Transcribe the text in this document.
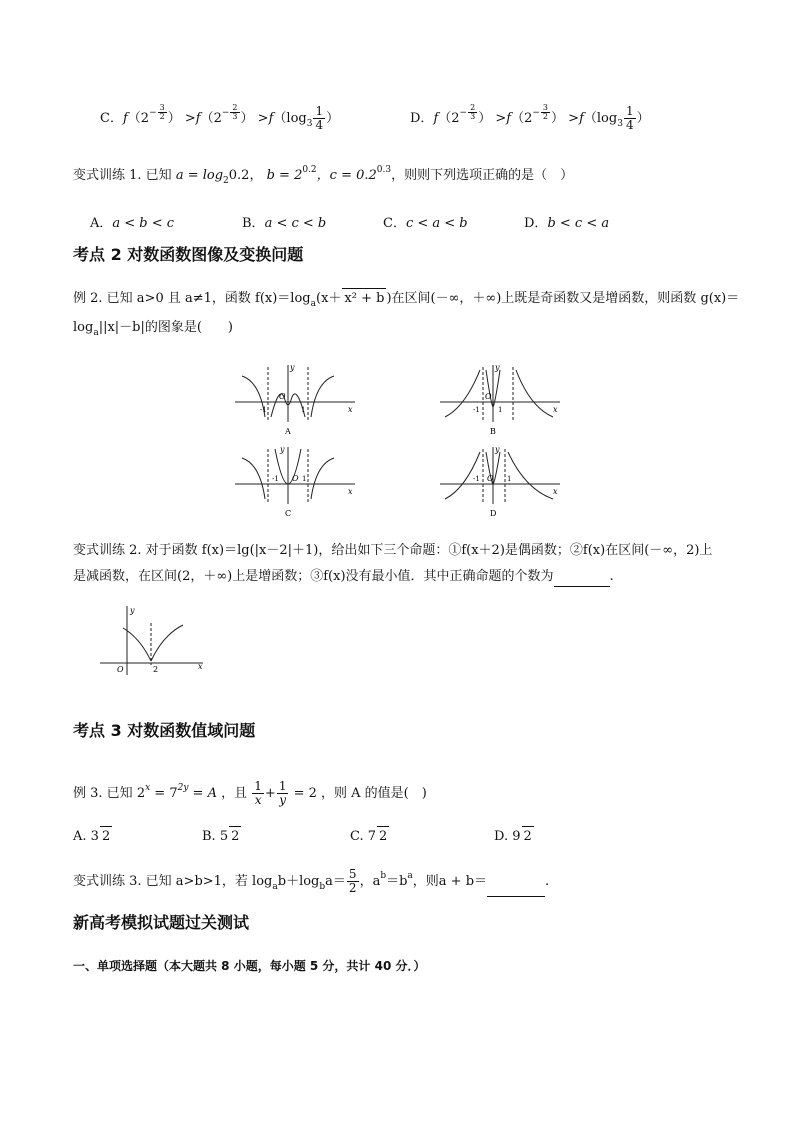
C．$f(2^{- \frac{3}{2}}$ ） $>f(2^{- \frac{2}{3}}$ ） $>f(\log_3 \frac{1}{4}$ ）	D．$f(2^{- \frac{2}{3}}$ ） $>f(2^{- \frac{3}{2}}$ ） $>f(\log_3 \frac{1}{4}$ ）
变式训练 1. 已知 $a = \log_20.2$， $b = 2^{0.2}$，$c = 0.2^{0.3}$，则则下列选项正确的是（　）
A．a < b < c	B．a < c < b	C．c < a < b	D．b < c < a
考点 2 对数函数图像及变换问题
例 2. 已知 a>0 且 a≠1，函数 $f(x)=\log_a(x+ x^2 + b$ )在区间(－∞，＋∞)上既是奇函数又是增函数，则函数 g(x)＝
$\log_a||x|-b|$的图象是(　　)
x
y
O
-1	1
A
x
y
O
-1	1
B
x
y
O
-1	1
C
x
y
O
-1	1
D
变式训练 2. 对于函数 f(x)＝lg(|x－2|＋1)，给出如下三个命题：①f(x＋2)是偶函数；②f(x)在区间(－∞，2)上
是减函数，在区间(2，＋∞)上是增函数；③f(x)没有最小值．其中正确命题的个数为	.
x
y
O	2
考点 3 对数函数值域问题
例 3. 已知 $2^x = 7^{2y} = A$ ，且 $\frac{1}{x} + \frac{1}{y} = 2$ ，则 A 的值是(　)
A. 3 2	B. 5 2	C. 7 2	D. 9 2
变式训练 3. 已知 a>b>1，若 $\log_ab+\log_ba= \frac{5}{2}$ ，$a^b=b^a$，则a + b＝	.
新高考模拟试题过关测试
一、单项选择题（本大题共 8 小题，每小题 5 分，共计 40 分．）
